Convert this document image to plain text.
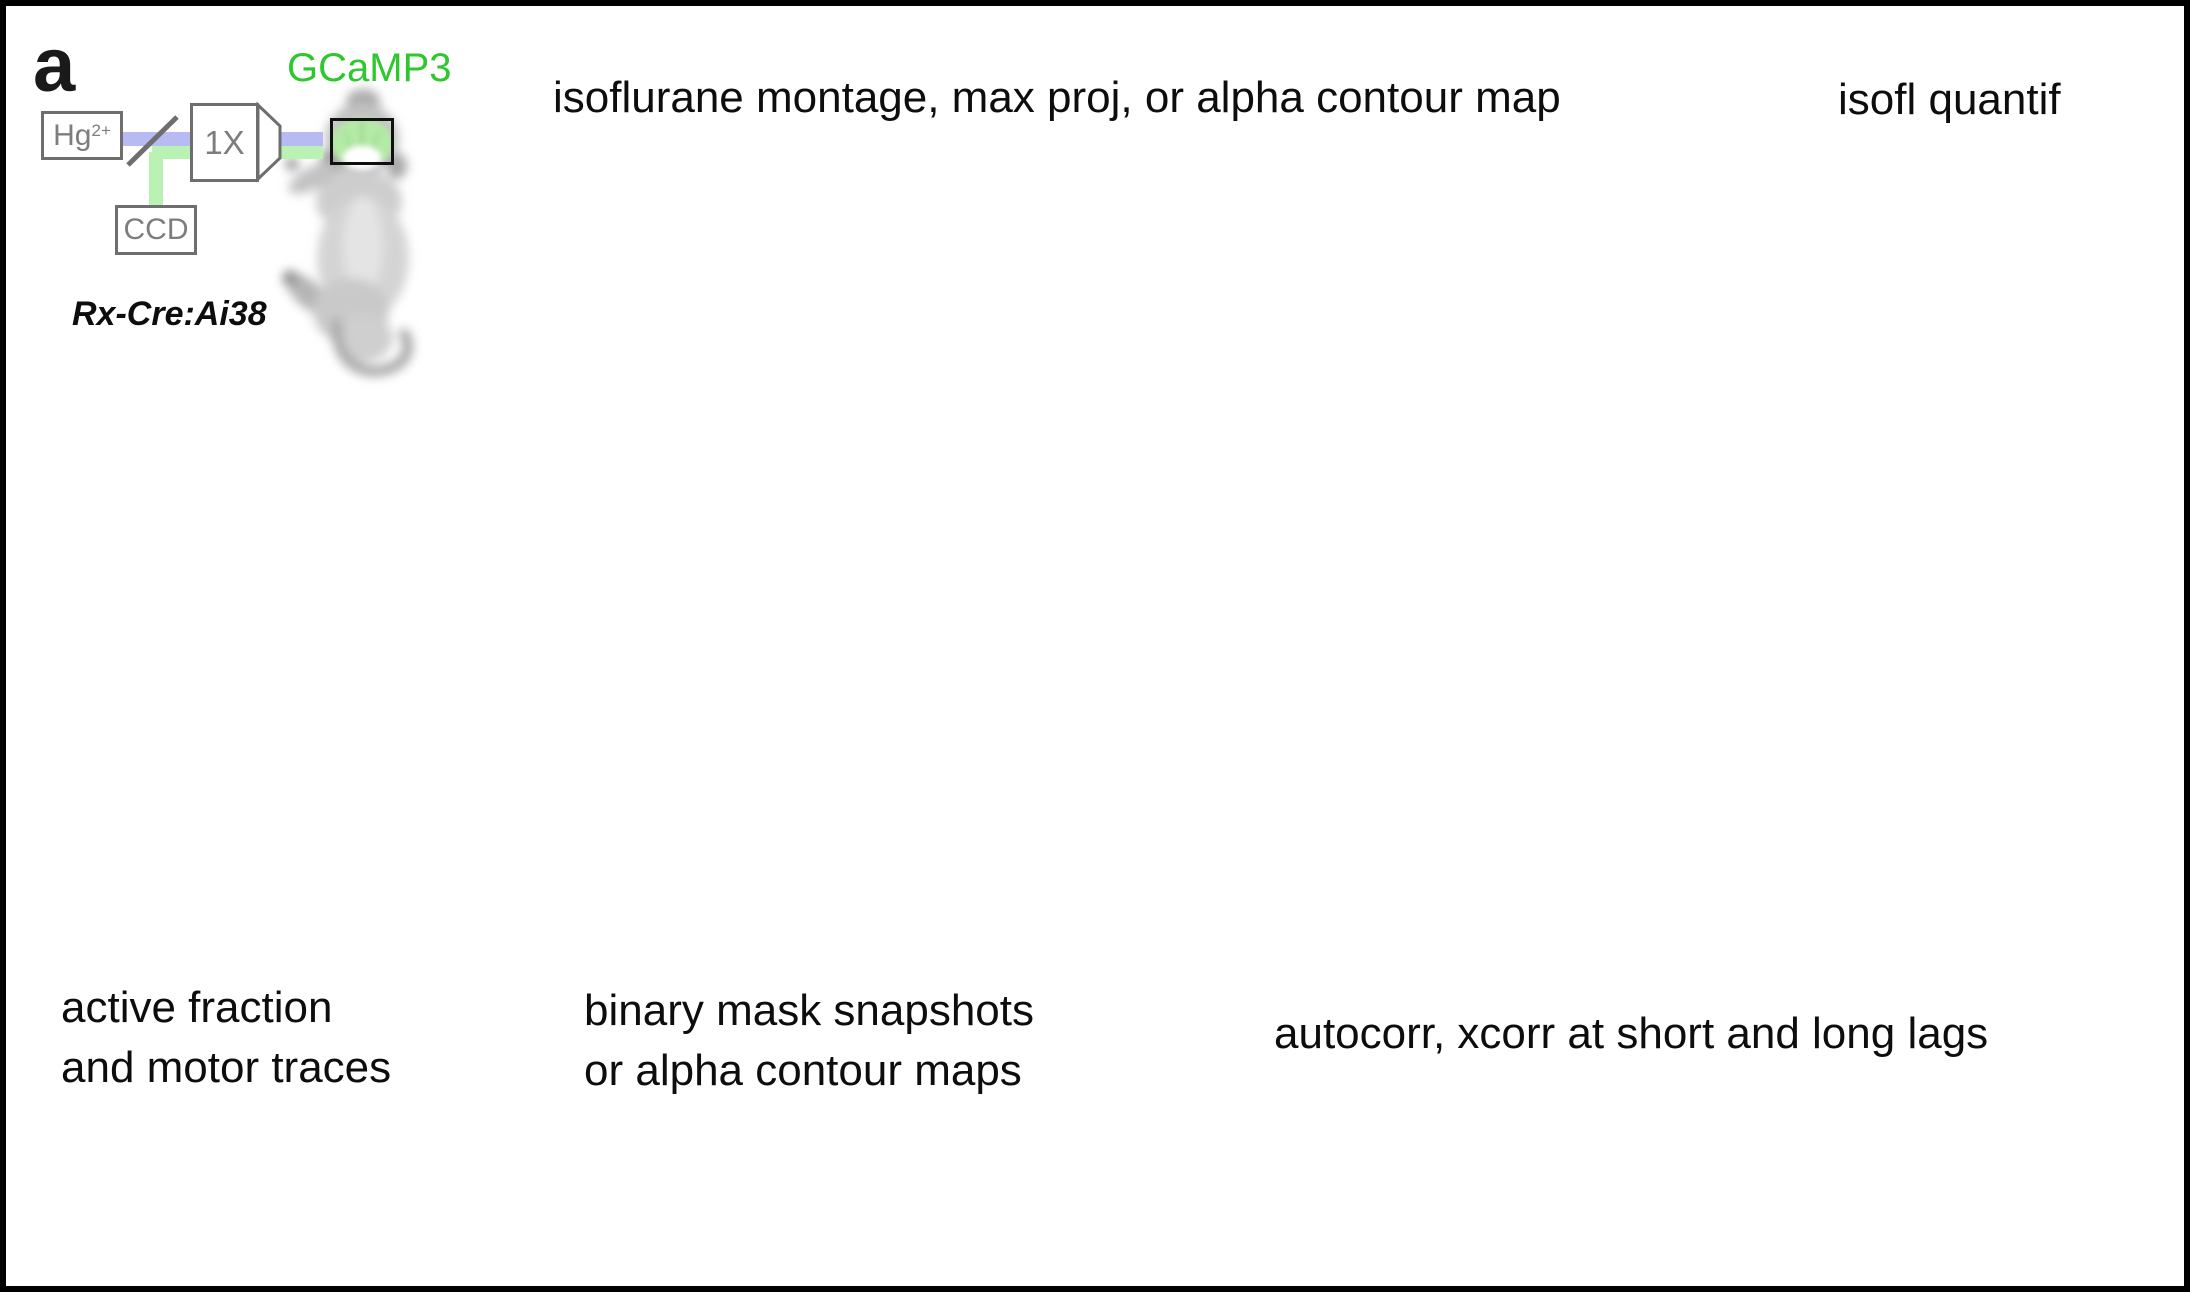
Hg 2+	1X
CCD
a	GCaMP3
Rx-Cre:Ai38
isoflurane montage, max proj, or alpha contour map	isofl quantif
active fraction
and motor traces
binary mask snapshots
or alpha contour maps
autocorr, xcorr at short and long lags
